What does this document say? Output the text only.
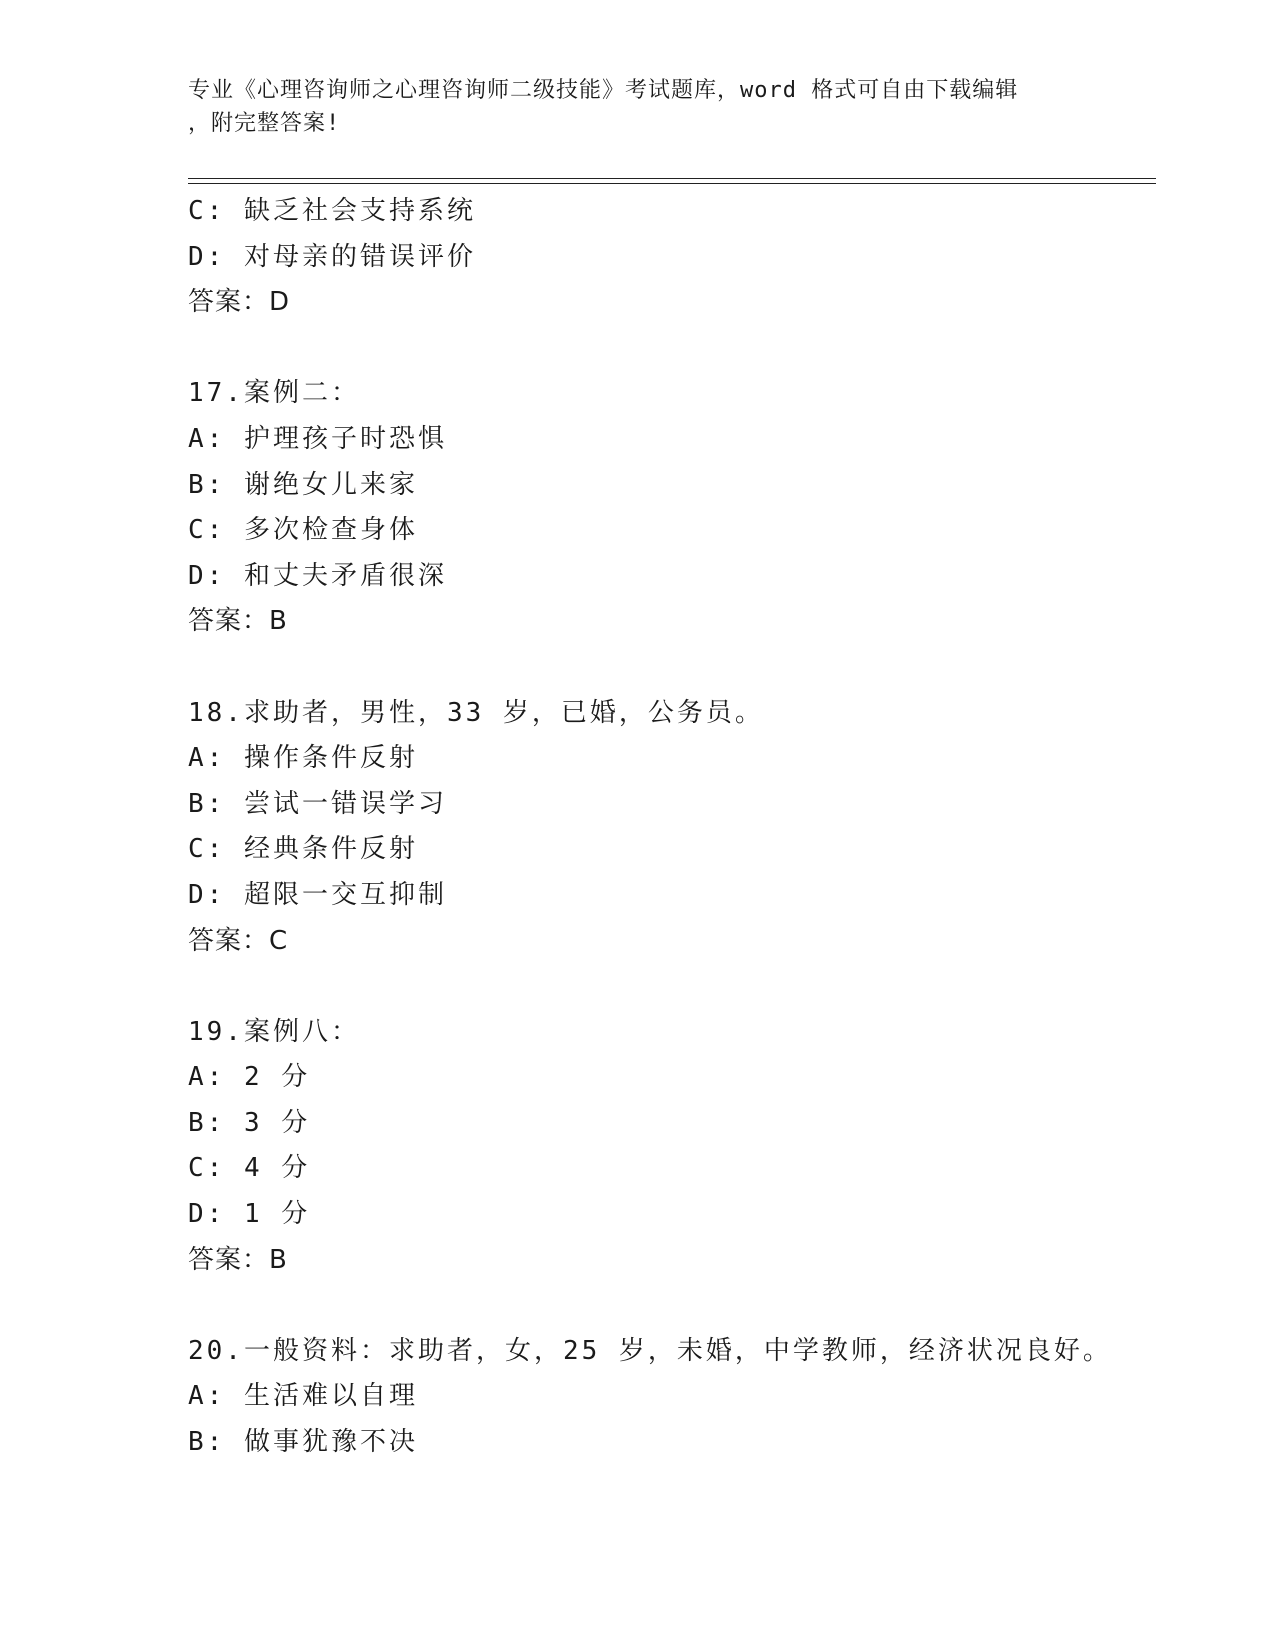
专业《心理咨询师之心理咨询师二级技能》考试题库，word 格式可自由下载编辑
，附完整答案!
C: 缺乏社会支持系统
D: 对母亲的错误评价
答案：D
17.案例二：
A: 护理孩子时恐惧
B: 谢绝女儿来家
C: 多次检查身体
D: 和丈夫矛盾很深
答案：B
18.求助者，男性，33 岁，已婚，公务员。
A: 操作条件反射
B: 尝试一错误学习
C: 经典条件反射
D: 超限一交互抑制
答案：C
19.案例八：
A: 2 分
B: 3 分
C: 4 分
D: 1 分
答案：B
20.一般资料：求助者，女，25 岁，未婚，中学教师，经济状况良好。
A: 生活难以自理
B: 做事犹豫不决
